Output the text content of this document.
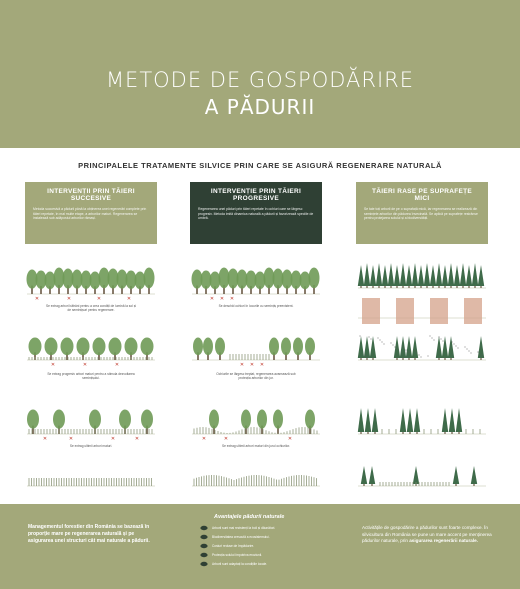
METODE DE GOSPODĂRIRE
A PĂDURII
PRINCIPALELE TRATAMENTE SILVICE PRIN CARE SE ASIGURĂ REGENERARE NATURALĂ
INTERVENȚII PRIN TĂIERI SUCCESIVE
Metoda succesivă a pădurii până la obținerea unei regenerări complete prin tăieri repetate, în mai multe etape, a arborilor maturi. Regenerarea se instalează sub adăpostul arborilor rămași.
✕	✕	✕	✕
Se extrag arbori bătrâni pentru a crea condiții de lumină la sol și de semințișuri pentru regenerare.
✕	✕	✕
Se extrag progresiv arbori maturi pentru a stimula dezvoltarea semințișului.
✕	✕	✕	✕
Se extrag ultimii arbori maturi.
INTERVENȚIE PRIN TĂIERI PROGRESIVE
Regenerarea unei păduri prin tăieri repetate în ochiuri care se lărgesc progresiv. Metoda imită dinamica naturală a pădurii și favorizează speciile de umbră.
✕ ✕ ✕
Se deschid ochiuri în locurile cu semințiș preexistent.
✕ ✕ ✕
Ochiurile se lărgesc treptat, regenerarea avansează sub protecția arborilor din jur.
✕	✕	✕
Se extrag ultimii arbori maturi din jurul ochiurilor.
TĂIERI RASE PE SUPRAFEȚE MICI
Se taie toți arborii de pe o suprafață mică, iar regenerarea se realizează din semințele arborilor din pădurea învecinată. Se aplică pe suprafețe restrânse pentru protejarea solului și a biodiversității.
Managementul forestier din România se bazează în proporție mare pe regenerarea naturală și pe asigurarea unei structuri cât mai naturale a pădurii.
Avantajele pădurii naturale
Arborii sunt mai rezistenți la boli și dăunători.
Biodiversitatea crescută a ecosistemului.
Costuri reduse de împădurire.
Protecția solului împotriva eroziunii.
Arborii sunt adaptați la condițiile locale.
Activitățile de gospodărire a pădurilor sunt foarte complexe. În silvicultura din România se pune un mare accent pe menținerea pădurilor naturale, prin asigurarea regenerării naturale.
